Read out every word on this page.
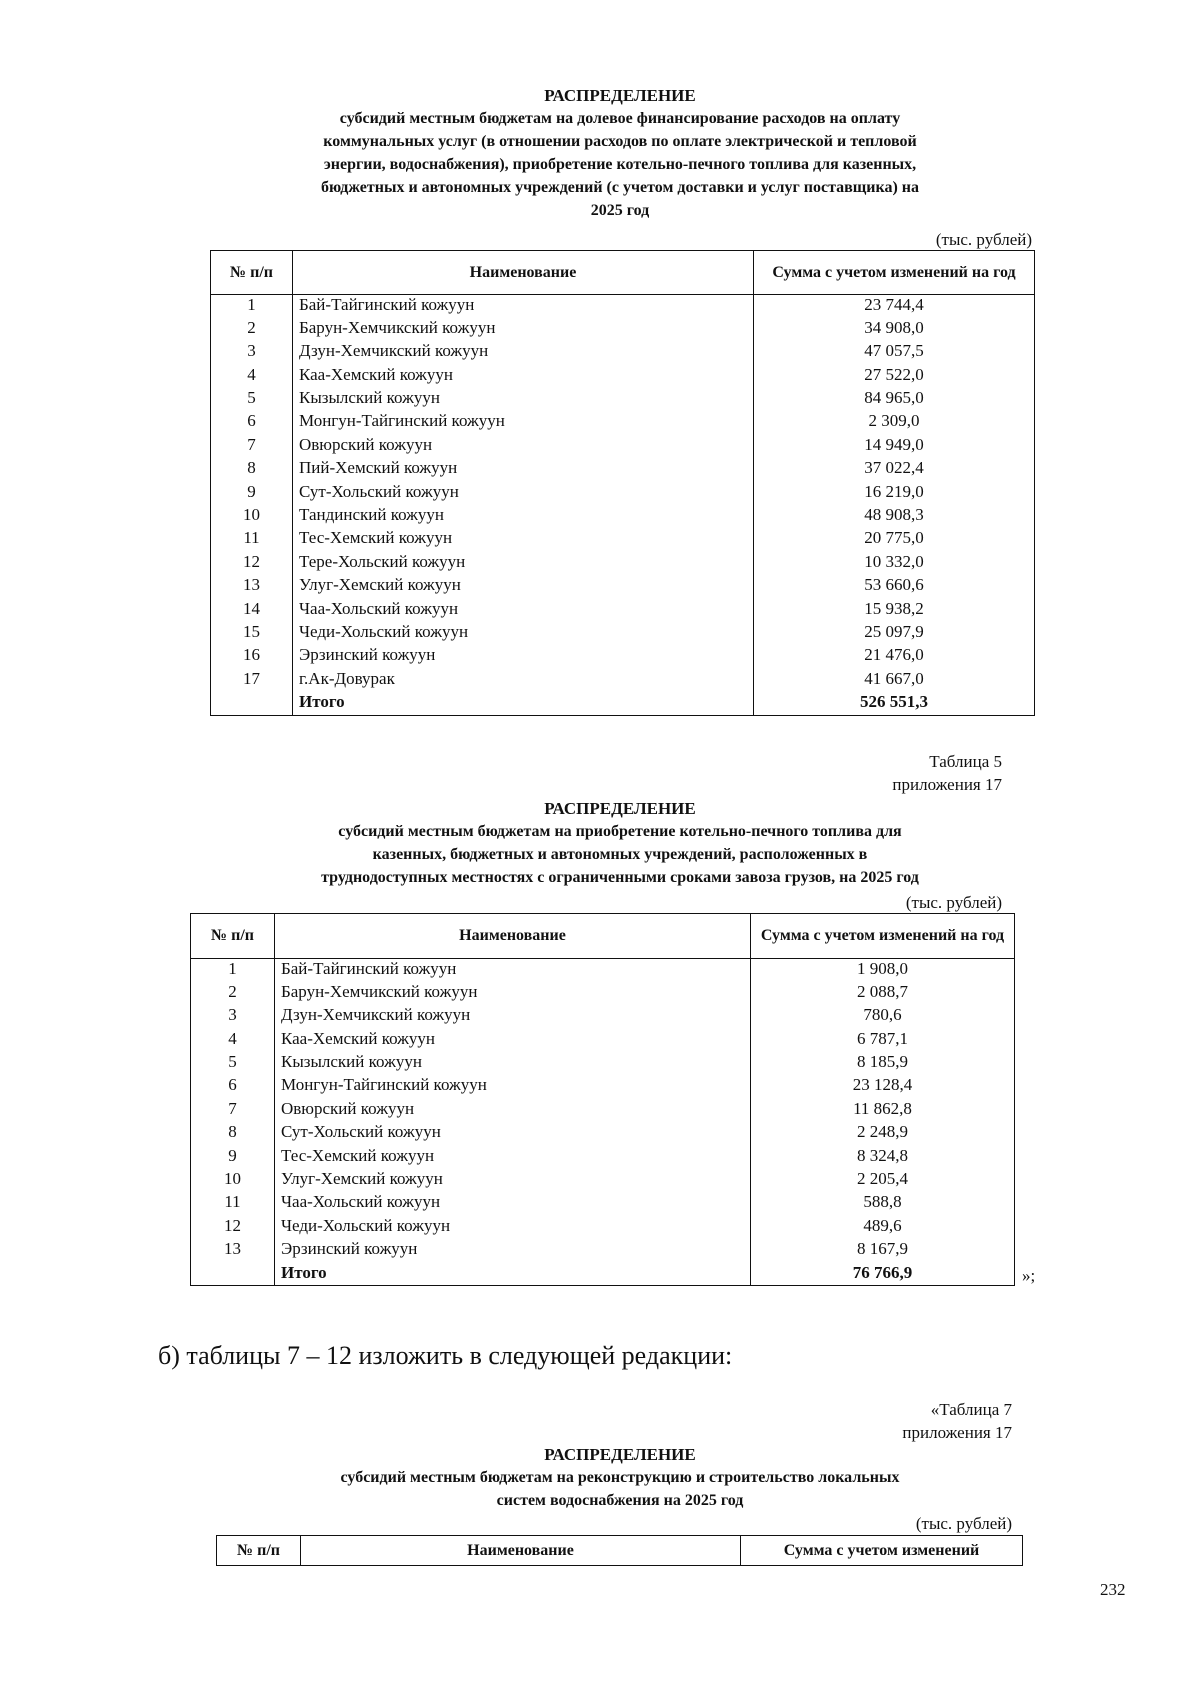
РАСПРЕДЕЛЕНИЕ
субсидий местным бюджетам на долевое финансирование расходов на оплату
коммунальных услуг (в отношении расходов по оплате электрической и тепловой
энергии, водоснабжения), приобретение котельно-печного топлива для казенных,
бюджетных и автономных учреждений (с учетом доставки и услуг поставщика) на
2025 год
(тыс. рублей)
№ п/п	Наименование	Сумма с учетом изменений на год
1	Бай-Тайгинский кожуун	23 744,4
2	Барун-Хемчикский кожуун	34 908,0
3	Дзун-Хемчикский кожуун	47 057,5
4	Каа-Хемский кожуун	27 522,0
5	Кызылский кожуун	84 965,0
6	Монгун-Тайгинский кожуун	2 309,0
7	Овюрский кожуун	14 949,0
8	Пий-Хемский кожуун	37 022,4
9	Сут-Хольский кожуун	16 219,0
10	Тандинский кожуун	48 908,3
11	Тес-Хемский кожуун	20 775,0
12	Тере-Хольский кожуун	10 332,0
13	Улуг-Хемский кожуун	53 660,6
14	Чаа-Хольский кожуун	15 938,2
15	Чеди-Хольский кожуун	25 097,9
16	Эрзинский кожуун	21 476,0
17	г.Ак-Довурак	41 667,0
	Итого	526 551,3
Таблица 5
приложения 17
РАСПРЕДЕЛЕНИЕ
субсидий местным бюджетам на приобретение котельно-печного топлива для
казенных, бюджетных и автономных учреждений, расположенных в
труднодоступных местностях с ограниченными сроками завоза грузов, на 2025 год
(тыс. рублей)
№ п/п	Наименование	Сумма с учетом изменений на год
1	Бай-Тайгинский кожуун	1 908,0
2	Барун-Хемчикский кожуун	2 088,7
3	Дзун-Хемчикский кожуун	780,6
4	Каа-Хемский кожуун	6 787,1
5	Кызылский кожуун	8 185,9
6	Монгун-Тайгинский кожуун	23 128,4
7	Овюрский кожуун	11 862,8
8	Сут-Хольский кожуун	2 248,9
9	Тес-Хемский кожуун	8 324,8
10	Улуг-Хемский кожуун	2 205,4
11	Чаа-Хольский кожуун	588,8
12	Чеди-Хольский кожуун	489,6
13	Эрзинский кожуун	8 167,9
	Итого	76 766,9	»;
б) таблицы 7 – 12 изложить в следующей редакции:
«Таблица 7
приложения 17
РАСПРЕДЕЛЕНИЕ
субсидий местным бюджетам на реконструкцию и строительство локальных
систем водоснабжения на 2025 год
(тыс. рублей)
№ п/п	Наименование	Сумма с учетом изменений
232
